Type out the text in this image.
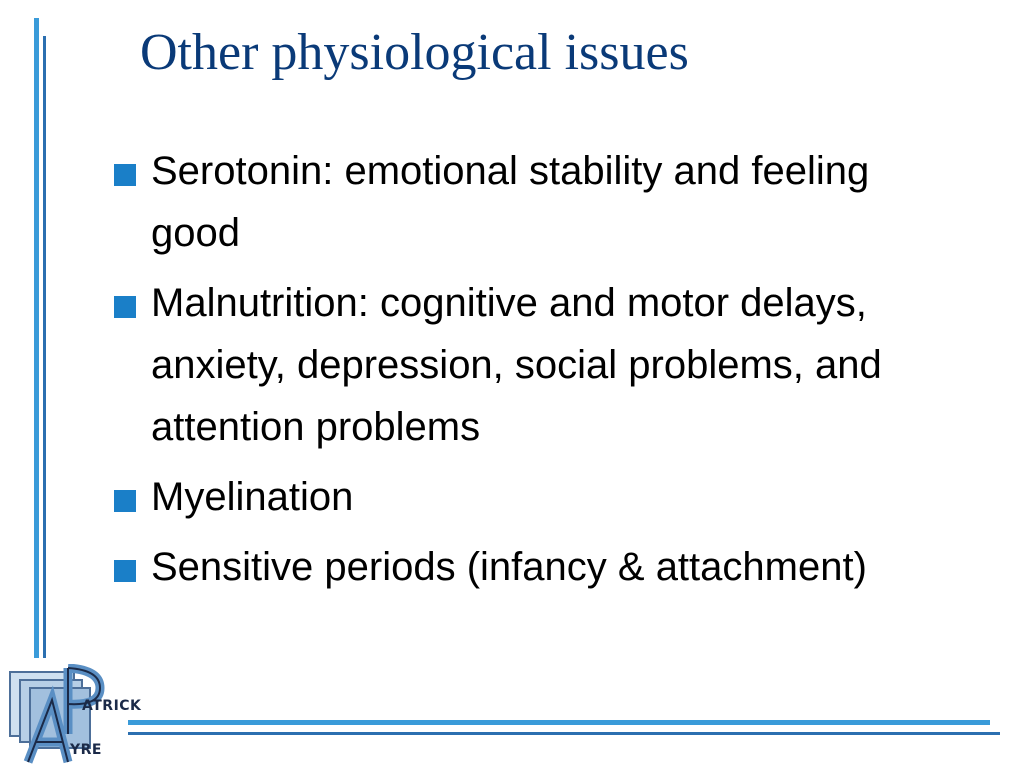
Other physiological issues
Serotonin: emotional stability and feeling good
Malnutrition: cognitive and motor delays, anxiety, depression, social problems, and attention problems
Myelination
Sensitive periods (infancy & attachment)
ATRICK
YRE
